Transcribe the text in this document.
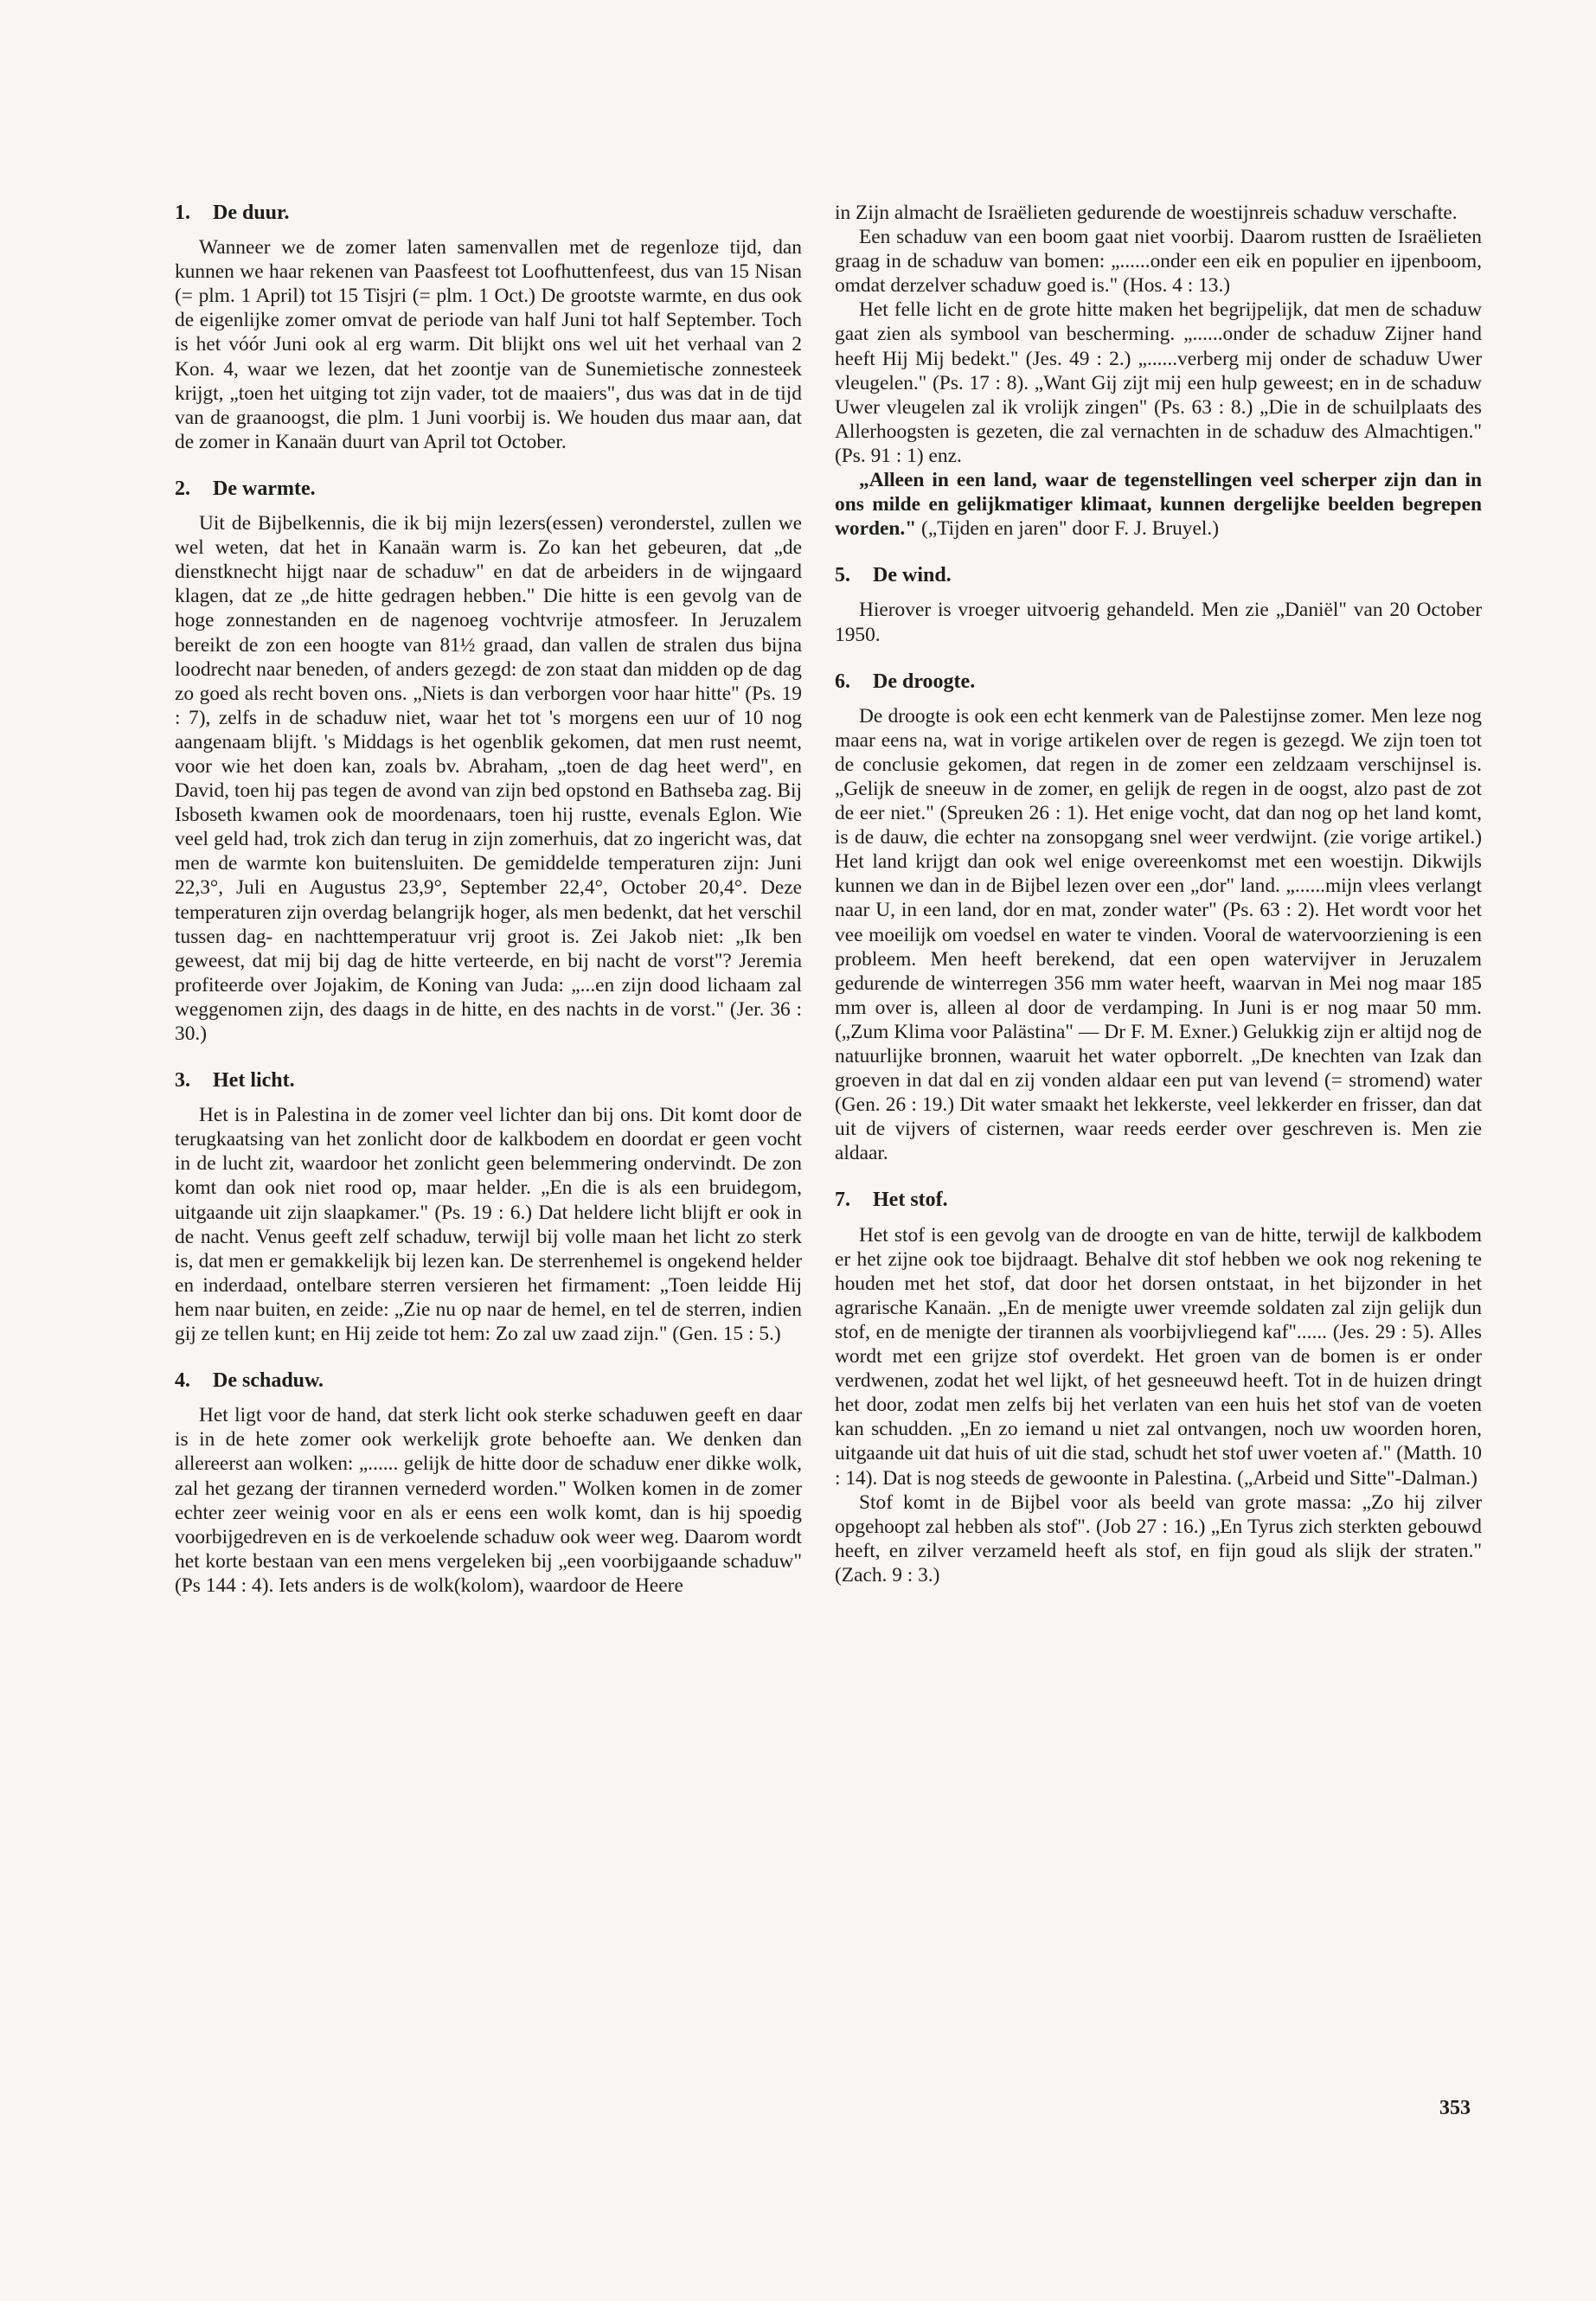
1. De duur.

Wanneer we de zomer laten samenvallen met de regenloze tijd, dan kunnen we haar rekenen van Paasfeest tot Loofhuttenfeest, dus van 15 Nisan (= plm. 1 April) tot 15 Tisjri (= plm. 1 Oct.) De grootste warmte, en dus ook de eigenlijke zomer omvat de periode van half Juni tot half September. Toch is het vóór Juni ook al erg warm. Dit blijkt ons wel uit het verhaal van 2 Kon. 4, waar we lezen, dat het zoontje van de Sunemietische zonnesteek krijgt, „toen het uitging tot zijn vader, tot de maaiers", dus was dat in de tijd van de graanoogst, die plm. 1 Juni voorbij is. We houden dus maar aan, dat de zomer in Kanaän duurt van April tot October.

2. De warmte.

Uit de Bijbelkennis, die ik bij mijn lezers(essen) veronderstel, zullen we wel weten, dat het in Kanaän warm is. Zo kan het gebeuren, dat „de dienstknecht hijgt naar de schaduw" en dat de arbeiders in de wijngaard klagen, dat ze „de hitte gedragen hebben." Die hitte is een gevolg van de hoge zonnestanden en de nagenoeg vochtvrije atmosfeer. In Jeruzalem bereikt de zon een hoogte van 81½ graad, dan vallen de stralen dus bijna loodrecht naar beneden, of anders gezegd: de zon staat dan midden op de dag zo goed als recht boven ons. „Niets is dan verborgen voor haar hitte" (Ps. 19 : 7), zelfs in de schaduw niet, waar het tot 's morgens een uur of 10 nog aangenaam blijft. 's Middags is het ogenblik gekomen, dat men rust neemt, voor wie het doen kan, zoals bv. Abraham, „toen de dag heet werd", en David, toen hij pas tegen de avond van zijn bed opstond en Bathseba zag. Bij Isboseth kwamen ook de moordenaars, toen hij rustte, evenals Eglon. Wie veel geld had, trok zich dan terug in zijn zomerhuis, dat zo ingericht was, dat men de warmte kon buitensluiten. De gemiddelde temperaturen zijn: Juni 22,3°, Juli en Augustus 23,9°, September 22,4°, October 20,4°. Deze temperaturen zijn overdag belangrijk hoger, als men bedenkt, dat het verschil tussen dag- en nachttemperatuur vrij groot is. Zei Jakob niet: „Ik ben geweest, dat mij bij dag de hitte verteerde, en bij nacht de vorst"? Jeremia profiteerde over Jojakim, de Koning van Juda: „...en zijn dood lichaam zal weggenomen zijn, des daags in de hitte, en des nachts in de vorst." (Jer. 36 : 30.)

3. Het licht.

Het is in Palestina in de zomer veel lichter dan bij ons. Dit komt door de terugkaatsing van het zonlicht door de kalkbodem en doordat er geen vocht in de lucht zit, waardoor het zonlicht geen belemmering ondervindt. De zon komt dan ook niet rood op, maar helder. „En die is als een bruidegom, uitgaande uit zijn slaapkamer." (Ps. 19 : 6.) Dat heldere licht blijft er ook in de nacht. Venus geeft zelf schaduw, terwijl bij volle maan het licht zo sterk is, dat men er gemakkelijk bij lezen kan. De sterrenhemel is ongekend helder en inderdaad, ontelbare sterren versieren het firmament: „Toen leidde Hij hem naar buiten, en zeide: „Zie nu op naar de hemel, en tel de sterren, indien gij ze tellen kunt; en Hij zeide tot hem: Zo zal uw zaad zijn." (Gen. 15 : 5.)

4. De schaduw.

Het ligt voor de hand, dat sterk licht ook sterke schaduwen geeft en daar is in de hete zomer ook werkelijk grote behoefte aan. We denken dan allereerst aan wolken: „...... gelijk de hitte door de schaduw ener dikke wolk, zal het gezang der tirannen vernederd worden." Wolken komen in de zomer echter zeer weinig voor en als er eens een wolk komt, dan is hij spoedig voorbijgedreven en is de verkoelende schaduw ook weer weg. Daarom wordt het korte bestaan van een mens vergeleken bij „een voorbijgaande schaduw" (Ps 144 : 4). Iets anders is de wolk(kolom), waardoor de Heere

in Zijn almacht de Israëlieten gedurende de woestijnreis schaduw verschafte.

Een schaduw van een boom gaat niet voorbij. Daarom rustten de Israëlieten graag in de schaduw van bomen: „......onder een eik en populier en ijpenboom, omdat derzelver schaduw goed is." (Hos. 4 : 13.)

Het felle licht en de grote hitte maken het begrijpelijk, dat men de schaduw gaat zien als symbool van bescherming. „......onder de schaduw Zijner hand heeft Hij Mij bedekt." (Jes. 49 : 2.) „......verberg mij onder de schaduw Uwer vleugelen." (Ps. 17 : 8). „Want Gij zijt mij een hulp geweest; en in de schaduw Uwer vleugelen zal ik vrolijk zingen" (Ps. 63 : 8.) „Die in de schuilplaats des Allerhoogsten is gezeten, die zal vernachten in de schaduw des Almachtigen." (Ps. 91 : 1) enz.

„Alleen in een land, waar de tegenstellingen veel scherper zijn dan in ons milde en gelijkmatiger klimaat, kunnen dergelijke beelden begrepen worden." („Tijden en jaren" door F. J. Bruyel.)

5. De wind.

Hierover is vroeger uitvoerig gehandeld. Men zie „Daniël" van 20 October 1950.

6. De droogte.

De droogte is ook een echt kenmerk van de Palestijnse zomer. Men leze nog maar eens na, wat in vorige artikelen over de regen is gezegd. We zijn toen tot de conclusie gekomen, dat regen in de zomer een zeldzaam verschijnsel is. „Gelijk de sneeuw in de zomer, en gelijk de regen in de oogst, alzo past de zot de eer niet." (Spreuken 26 : 1). Het enige vocht, dat dan nog op het land komt, is de dauw, die echter na zonsopgang snel weer verdwijnt. (zie vorige artikel.) Het land krijgt dan ook wel enige overeenkomst met een woestijn. Dikwijls kunnen we dan in de Bijbel lezen over een „dor" land. „......mijn vlees verlangt naar U, in een land, dor en mat, zonder water" (Ps. 63 : 2). Het wordt voor het vee moeilijk om voedsel en water te vinden. Vooral de watervoorziening is een probleem. Men heeft berekend, dat een open watervijver in Jeruzalem gedurende de winterregen 356 mm water heeft, waarvan in Mei nog maar 185 mm over is, alleen al door de verdamping. In Juni is er nog maar 50 mm. („Zum Klima voor Palästina" — Dr F. M. Exner.) Gelukkig zijn er altijd nog de natuurlijke bronnen, waaruit het water opborrelt. „De knechten van Izak dan groeven in dat dal en zij vonden aldaar een put van levend (= stromend) water (Gen. 26 : 19.) Dit water smaakt het lekkerste, veel lekkerder en frisser, dan dat uit de vijvers of cisternen, waar reeds eerder over geschreven is. Men zie aldaar.

7. Het stof.

Het stof is een gevolg van de droogte en van de hitte, terwijl de kalkbodem er het zijne ook toe bijdraagt. Behalve dit stof hebben we ook nog rekening te houden met het stof, dat door het dorsen ontstaat, in het bijzonder in het agrarische Kanaän. „En de menigte uwer vreemde soldaten zal zijn gelijk dun stof, en de menigte der tirannen als voorbijvliegend kaf"...... (Jes. 29 : 5). Alles wordt met een grijze stof overdekt. Het groen van de bomen is er onder verdwenen, zodat het wel lijkt, of het gesneeuwd heeft. Tot in de huizen dringt het door, zodat men zelfs bij het verlaten van een huis het stof van de voeten kan schudden. „En zo iemand u niet zal ontvangen, noch uw woorden horen, uitgaande uit dat huis of uit die stad, schudt het stof uwer voeten af." (Matth. 10 : 14). Dat is nog steeds de gewoonte in Palestina. („Arbeid und Sitte"-Dalman.)

Stof komt in de Bijbel voor als beeld van grote massa: „Zo hij zilver opgehoopt zal hebben als stof". (Job 27 : 16.) „En Tyrus zich sterkten gebouwd heeft, en zilver verzameld heeft als stof, en fijn goud als slijk der straten." (Zach. 9 : 3.)

353
